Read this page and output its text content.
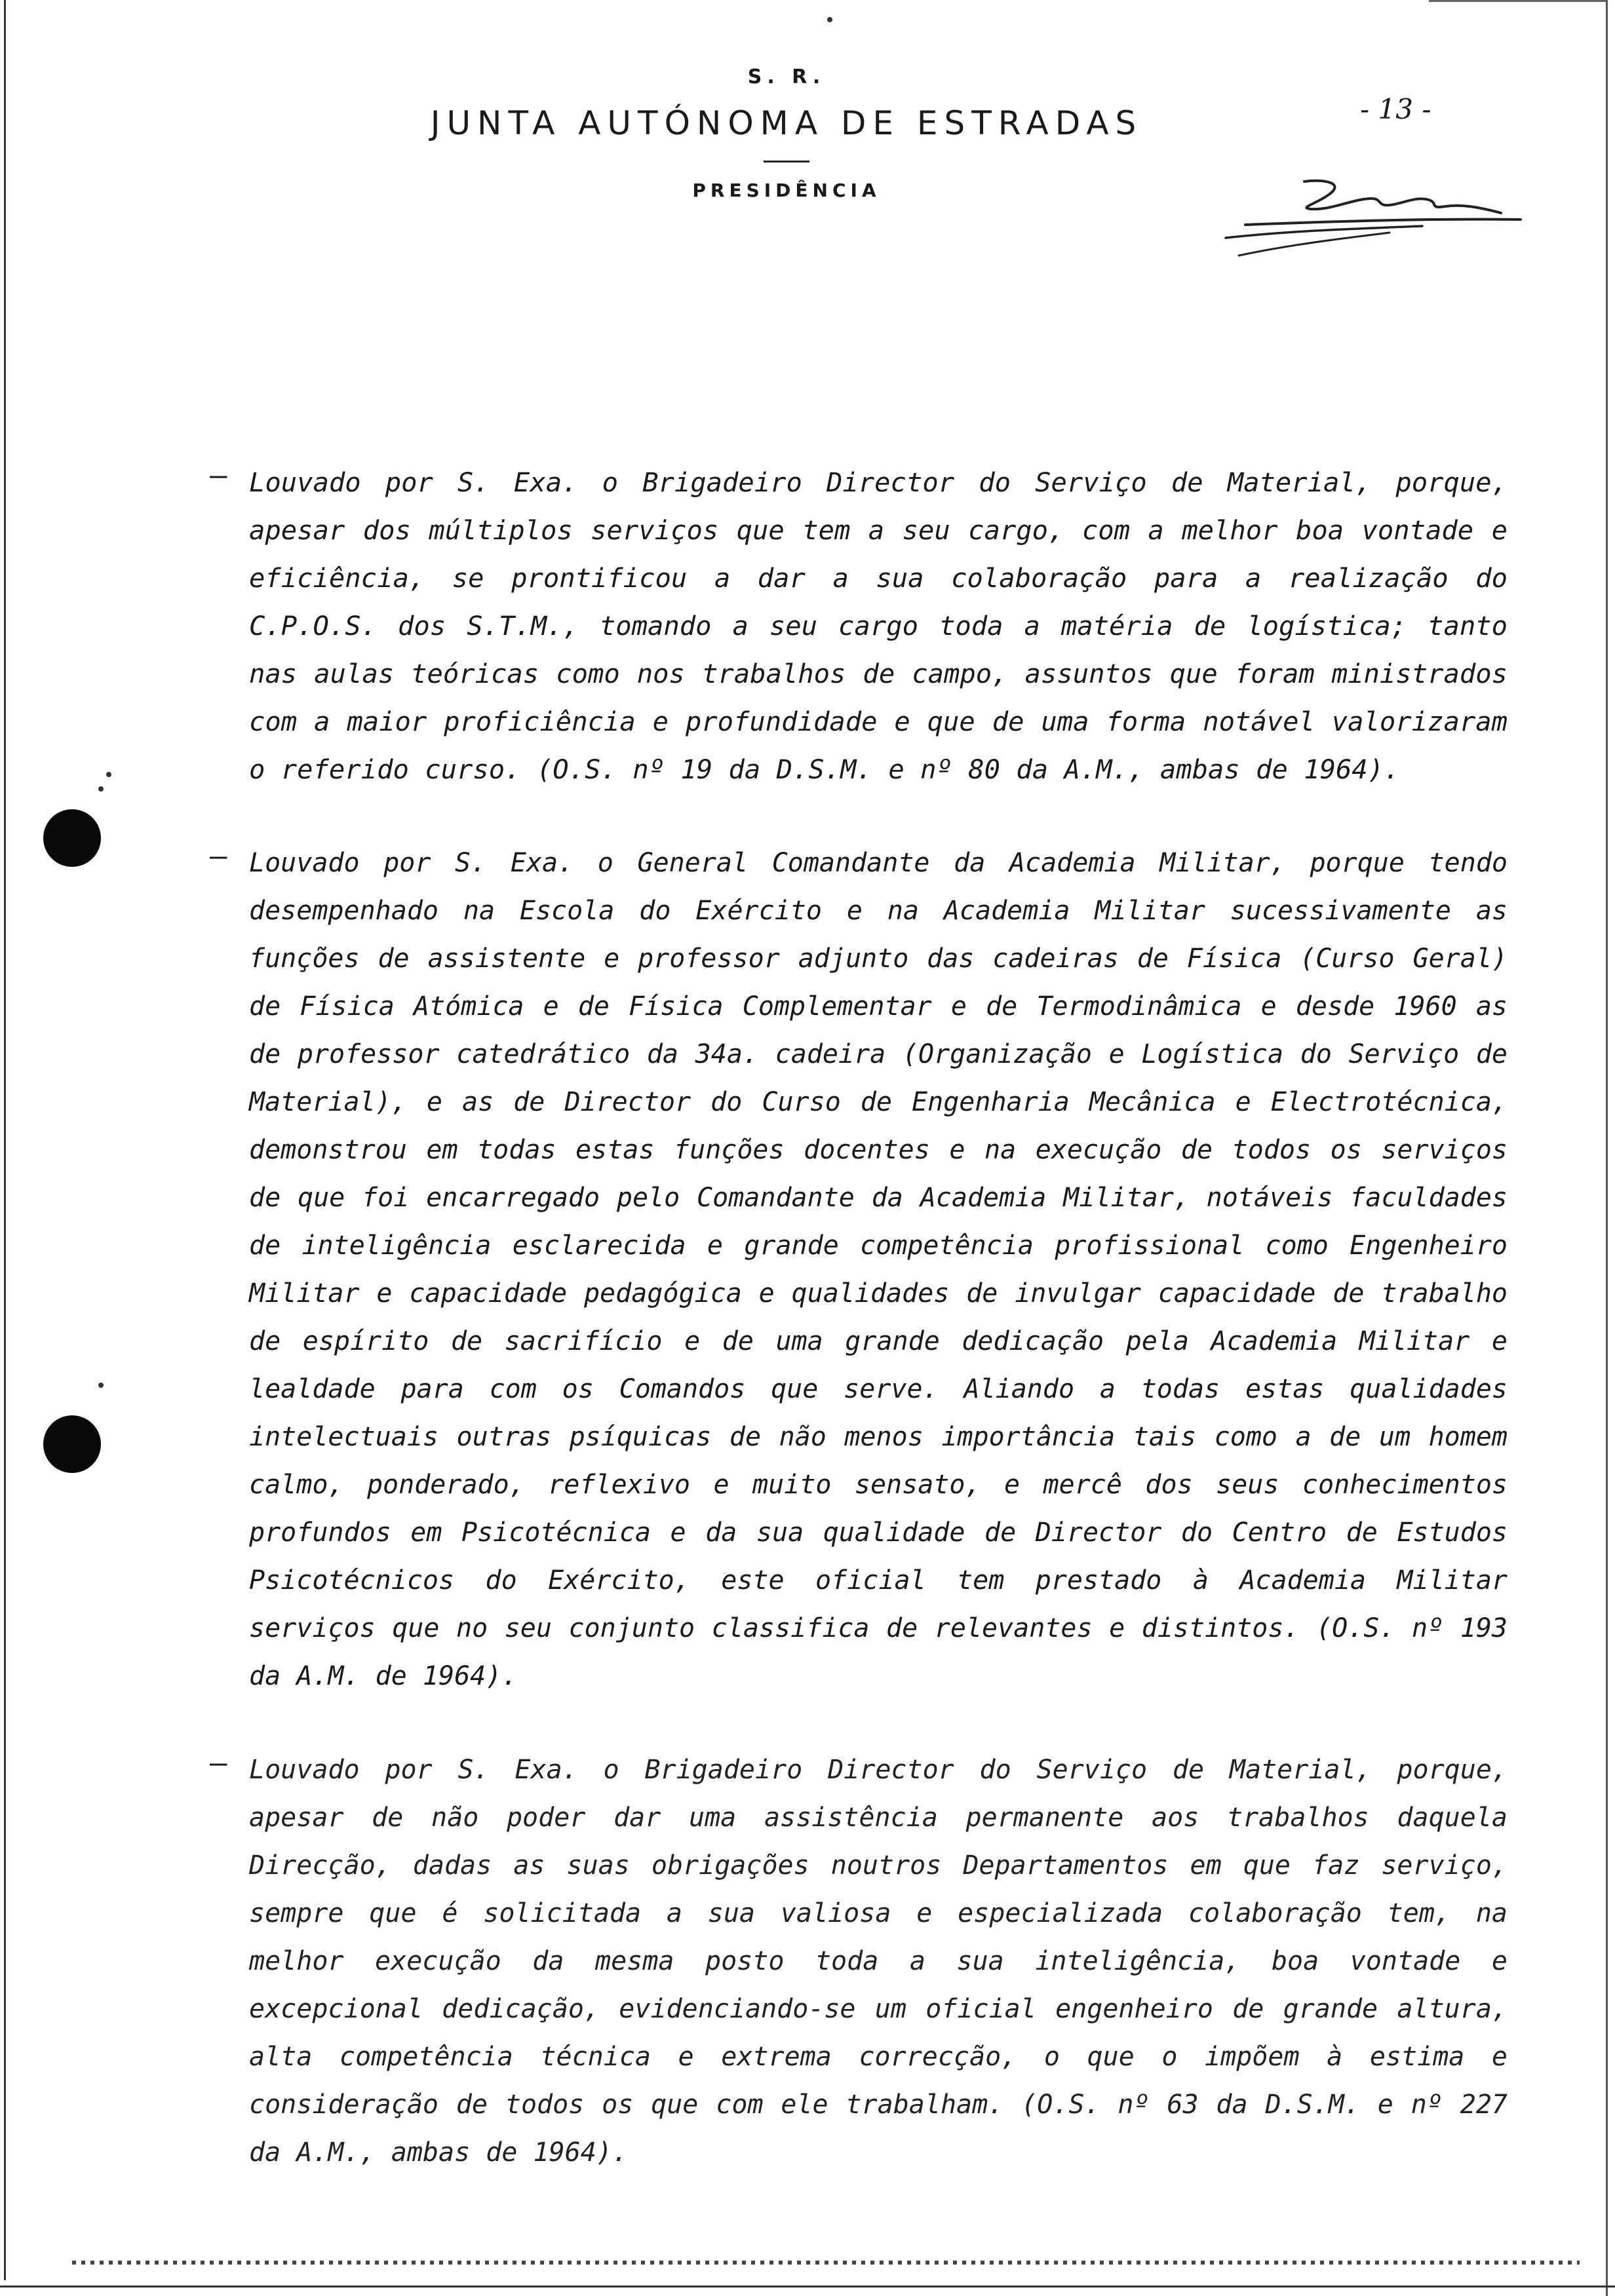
S. R.
JUNTA AUTÓNOMA DE ESTRADAS
PRESIDÊNCIA
- 13 -
– Louvado por S. Exa. o Brigadeiro Director do Serviço de Material, porque, apesar dos múltiplos serviços que tem a seu cargo, com a melhor boa vontade e eficiência, se prontificou a dar a sua colaboração para a realização do C.P.O.S. dos S.T.M., tomando a seu cargo toda a matéria de logística; tanto nas aulas teóricas como nos trabalhos de campo, assuntos que foram ministrados com a maior proficiência e profundidade e que de uma forma notável valorizaram o referido curso. (O.S. nº 19 da D.S.M. e nº 80 da A.M., ambas de 1964).

– Louvado por S. Exa. o General Comandante da Academia Militar, porque tendo desempenhado na Escola do Exército e na Academia Militar sucessivamente as funções de assistente e professor adjunto das cadeiras de Física (Curso Geral) de Física Atómica e de Física Complementar e de Termodinâmica e desde 1960 as de professor catedrático da 34a. cadeira (Organização e Logística do Serviço de Material), e as de Director do Curso de Engenharia Mecânica e Electrotécnica, demonstrou em todas estas funções docentes e na execução de todos os serviços de que foi encarregado pelo Comandante da Academia Militar, notáveis faculdades de inteligência esclarecida e grande competência profissional como Engenheiro Militar e capacidade pedagógica e qualidades de invulgar capacidade de trabalho de espírito de sacrifício e de uma grande dedicação pela Academia Militar e lealdade para com os Comandos que serve. Aliando a todas estas qualidades intelectuais outras psíquicas de não menos importância tais como a de um homem calmo, ponderado, reflexivo e muito sensato, e mercê dos seus conhecimentos profundos em Psicotécnica e da sua qualidade de Director do Centro de Estudos Psicotécnicos do Exército, este oficial tem prestado à Academia Militar serviços que no seu conjunto classifica de relevantes e distintos. (O.S. nº 193 da A.M. de 1964).

– Louvado por S. Exa. o Brigadeiro Director do Serviço de Material, porque, apesar de não poder dar uma assistência permanente aos trabalhos daquela Direcção, dadas as suas obrigações noutros Departamentos em que faz serviço, sempre que é solicitada a sua valiosa e especializada colaboração tem, na melhor execução da mesma posto toda a sua inteligência, boa vontade e excepcional dedicação, evidenciando-se um oficial engenheiro de grande altura, alta competência técnica e extrema correcção, o que o impõem à estima e consideração de todos os que com ele trabalham. (O.S. nº 63 da D.S.M. e nº 227 da A.M., ambas de 1964).
